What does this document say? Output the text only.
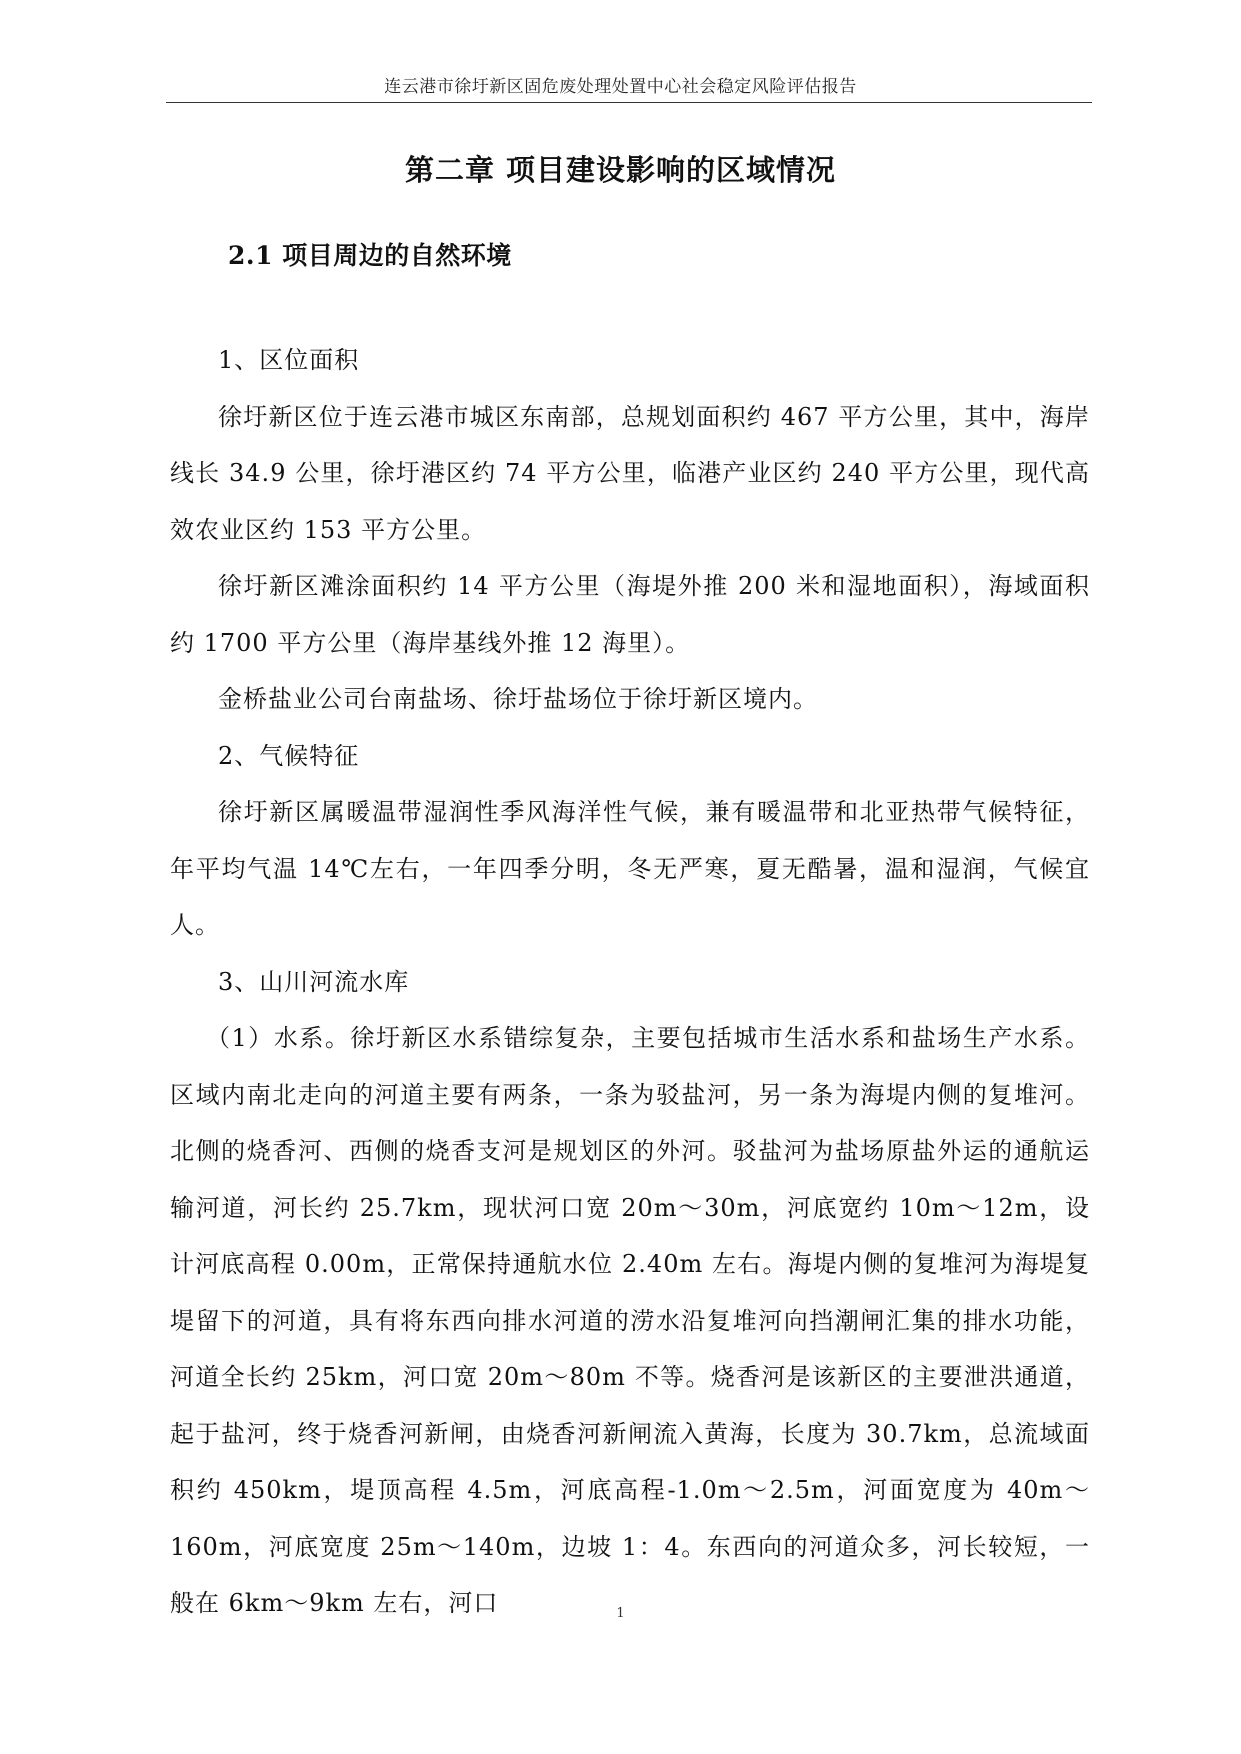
连云港市徐圩新区固危废处理处置中心社会稳定风险评估报告
第二章 项目建设影响的区域情况
2.1 项目周边的自然环境

1、区位面积

徐圩新区位于连云港市城区东南部，总规划面积约 467 平方公里，其中，海岸线长 34.9 公里，徐圩港区约 74 平方公里，临港产业区约 240 平方公里，现代高效农业区约 153 平方公里。

徐圩新区滩涂面积约 14 平方公里（海堤外推 200 米和湿地面积），海域面积约 1700 平方公里（海岸基线外推 12 海里）。

金桥盐业公司台南盐场、徐圩盐场位于徐圩新区境内。

2、气候特征

徐圩新区属暖温带湿润性季风海洋性气候，兼有暖温带和北亚热带气候特征，年平均气温 14℃左右，一年四季分明，冬无严寒，夏无酷暑，温和湿润，气候宜人。

3、山川河流水库

（1）水系。徐圩新区水系错综复杂，主要包括城市生活水系和盐场生产水系。区域内南北走向的河道主要有两条，一条为驳盐河，另一条为海堤内侧的复堆河。北侧的烧香河、西侧的烧香支河是规划区的外河。驳盐河为盐场原盐外运的通航运输河道，河长约 25.7km，现状河口宽 20m～30m，河底宽约 10m～12m，设计河底高程 0.00m，正常保持通航水位 2.40m 左右。海堤内侧的复堆河为海堤复堤留下的河道，具有将东西向排水河道的涝水沿复堆河向挡潮闸汇集的排水功能，河道全长约 25km，河口宽 20m～80m 不等。烧香河是该新区的主要泄洪通道，起于盐河，终于烧香河新闸，由烧香河新闸流入黄海，长度为 30.7km，总流域面积约 450km，堤顶高程 4.5m，河底高程-1.0m～2.5m，河面宽度为 40m～160m，河底宽度 25m～140m，边坡 1：4。东西向的河道众多，河长较短，一般在 6km～9km 左右，河口	1
